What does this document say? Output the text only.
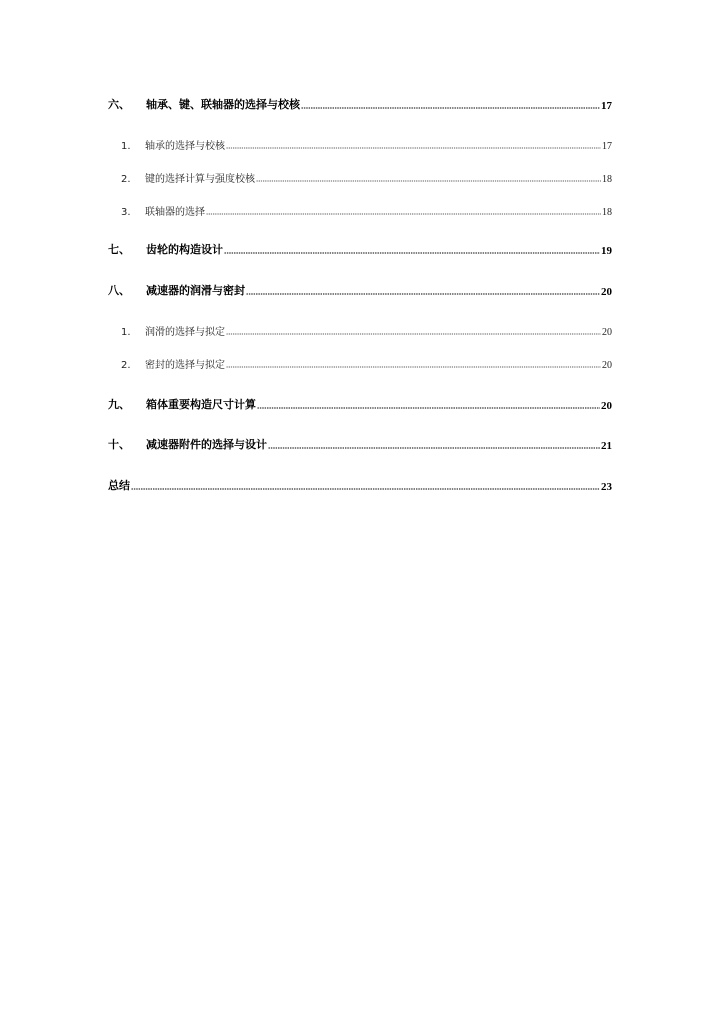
六、	轴承、键、联轴器的选择与校核	17
1.	轴承的选择与校核	17
2.	键的选择计算与强度校核	18
3.	联轴器的选择	18
七、	齿轮的构造设计	19
八、	减速器的润滑与密封	20
1.	润滑的选择与拟定	20
2.	密封的选择与拟定	20
九、	箱体重要构造尺寸计算	20
十、	减速器附件的选择与设计	21
总结	23
